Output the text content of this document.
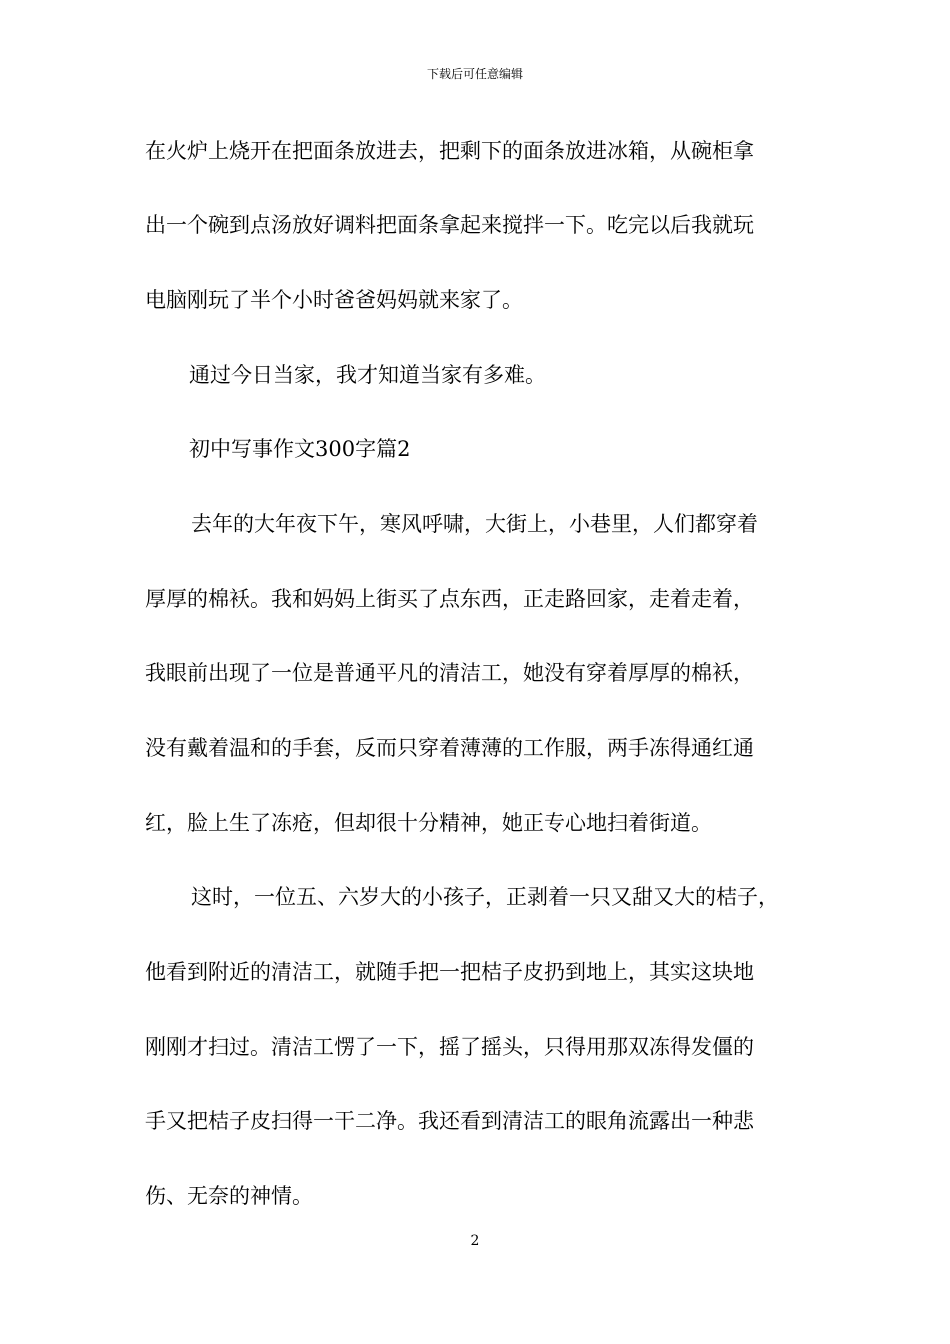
下载后可任意编辑
在火炉上烧开在把面条放进去，把剩下的面条放进冰箱，从碗柜拿
出一个碗到点汤放好调料把面条拿起来搅拌一下。吃完以后我就玩
电脑刚玩了半个小时爸爸妈妈就来家了。
通过今日当家，我才知道当家有多难。
初中写事作文300字篇2
去年的大年夜下午，寒风呼啸，大街上，小巷里，人们都穿着
厚厚的棉袄。我和妈妈上街买了点东西，正走路回家，走着走着，
我眼前出现了一位是普通平凡的清洁工，她没有穿着厚厚的棉袄，
没有戴着温和的手套，反而只穿着薄薄的工作服，两手冻得通红通
红，脸上生了冻疮，但却很十分精神，她正专心地扫着街道。
这时，一位五、六岁大的小孩子，正剥着一只又甜又大的桔子，
他看到附近的清洁工，就随手把一把桔子皮扔到地上，其实这块地
刚刚才扫过。清洁工愣了一下，摇了摇头，只得用那双冻得发僵的
手又把桔子皮扫得一干二净。我还看到清洁工的眼角流露出一种悲
伤、无奈的神情。
2
